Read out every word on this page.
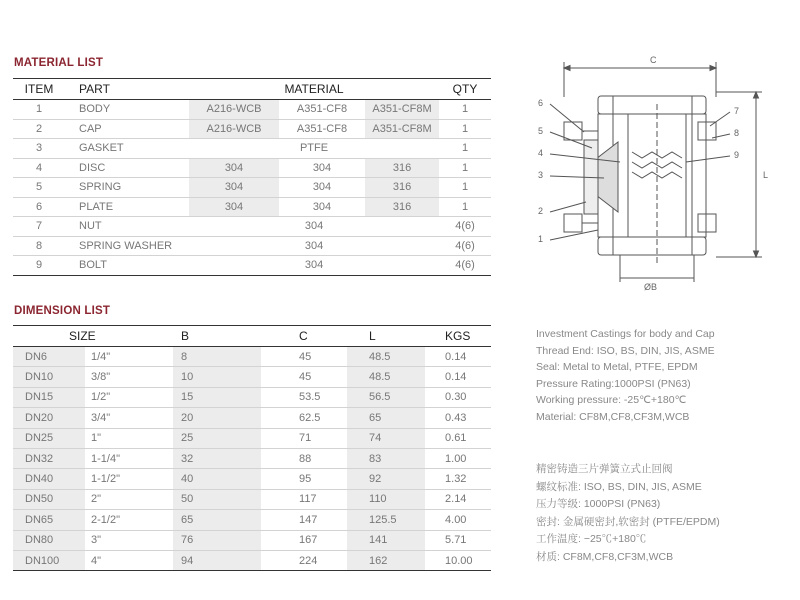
MATERIAL LIST
ITEM	PART	MATERIAL			QTY
1	BODY	A216-WCB	A351-CF8	A351-CF8M	1
2	CAP	A216-WCB	A351-CF8	A351-CF8M	1
3	GASKET	PTFE			1
4	DISC	304	304	316	1
5	SPRING	304	304	316	1
6	PLATE	304	304	316	1
7	NUT	304			4(6)
8	SPRING WASHER	304			4(6)
9	BOLT	304			4(6)
DIMENSION LIST
SIZE		B	C	L	KGS
DN6	1/4"	8	45	48.5	0.14
DN10	3/8"	10	45	48.5	0.14
DN15	1/2"	15	53.5	56.5	0.30
DN20	3/4"	20	62.5	65	0.43
DN25	1"	25	71	74	0.61
DN32	1-1/4"	32	88	83	1.00
DN40	1-1/2"	40	95	92	1.32
DN50	2"	50	117	110	2.14
DN65	2-1/2"	65	147	125.5	4.00
DN80	3"	76	167	141	5.71
DN100	4"	94	224	162	10.00
C
L
ØB
6
5
4
3
2
1
7
8
9
Investment Castings for body and Cap
Thread End: ISO, BS, DIN, JIS, ASME
Seal: Metal to Metal, PTFE, EPDM
Pressure Rating:1000PSI (PN63)
Working pressure: -25℃+180℃
Material: CF8M,CF8,CF3M,WCB
精密铸造三片弹簧立式止回阀
螺纹标准: ISO, BS, DIN, JIS, ASME
压力等级: 1000PSI (PN63)
密封: 金属硬密封,软密封 (PTFE/EPDM)
工作温度: −25℃+180℃
材质: CF8M,CF8,CF3M,WCB
